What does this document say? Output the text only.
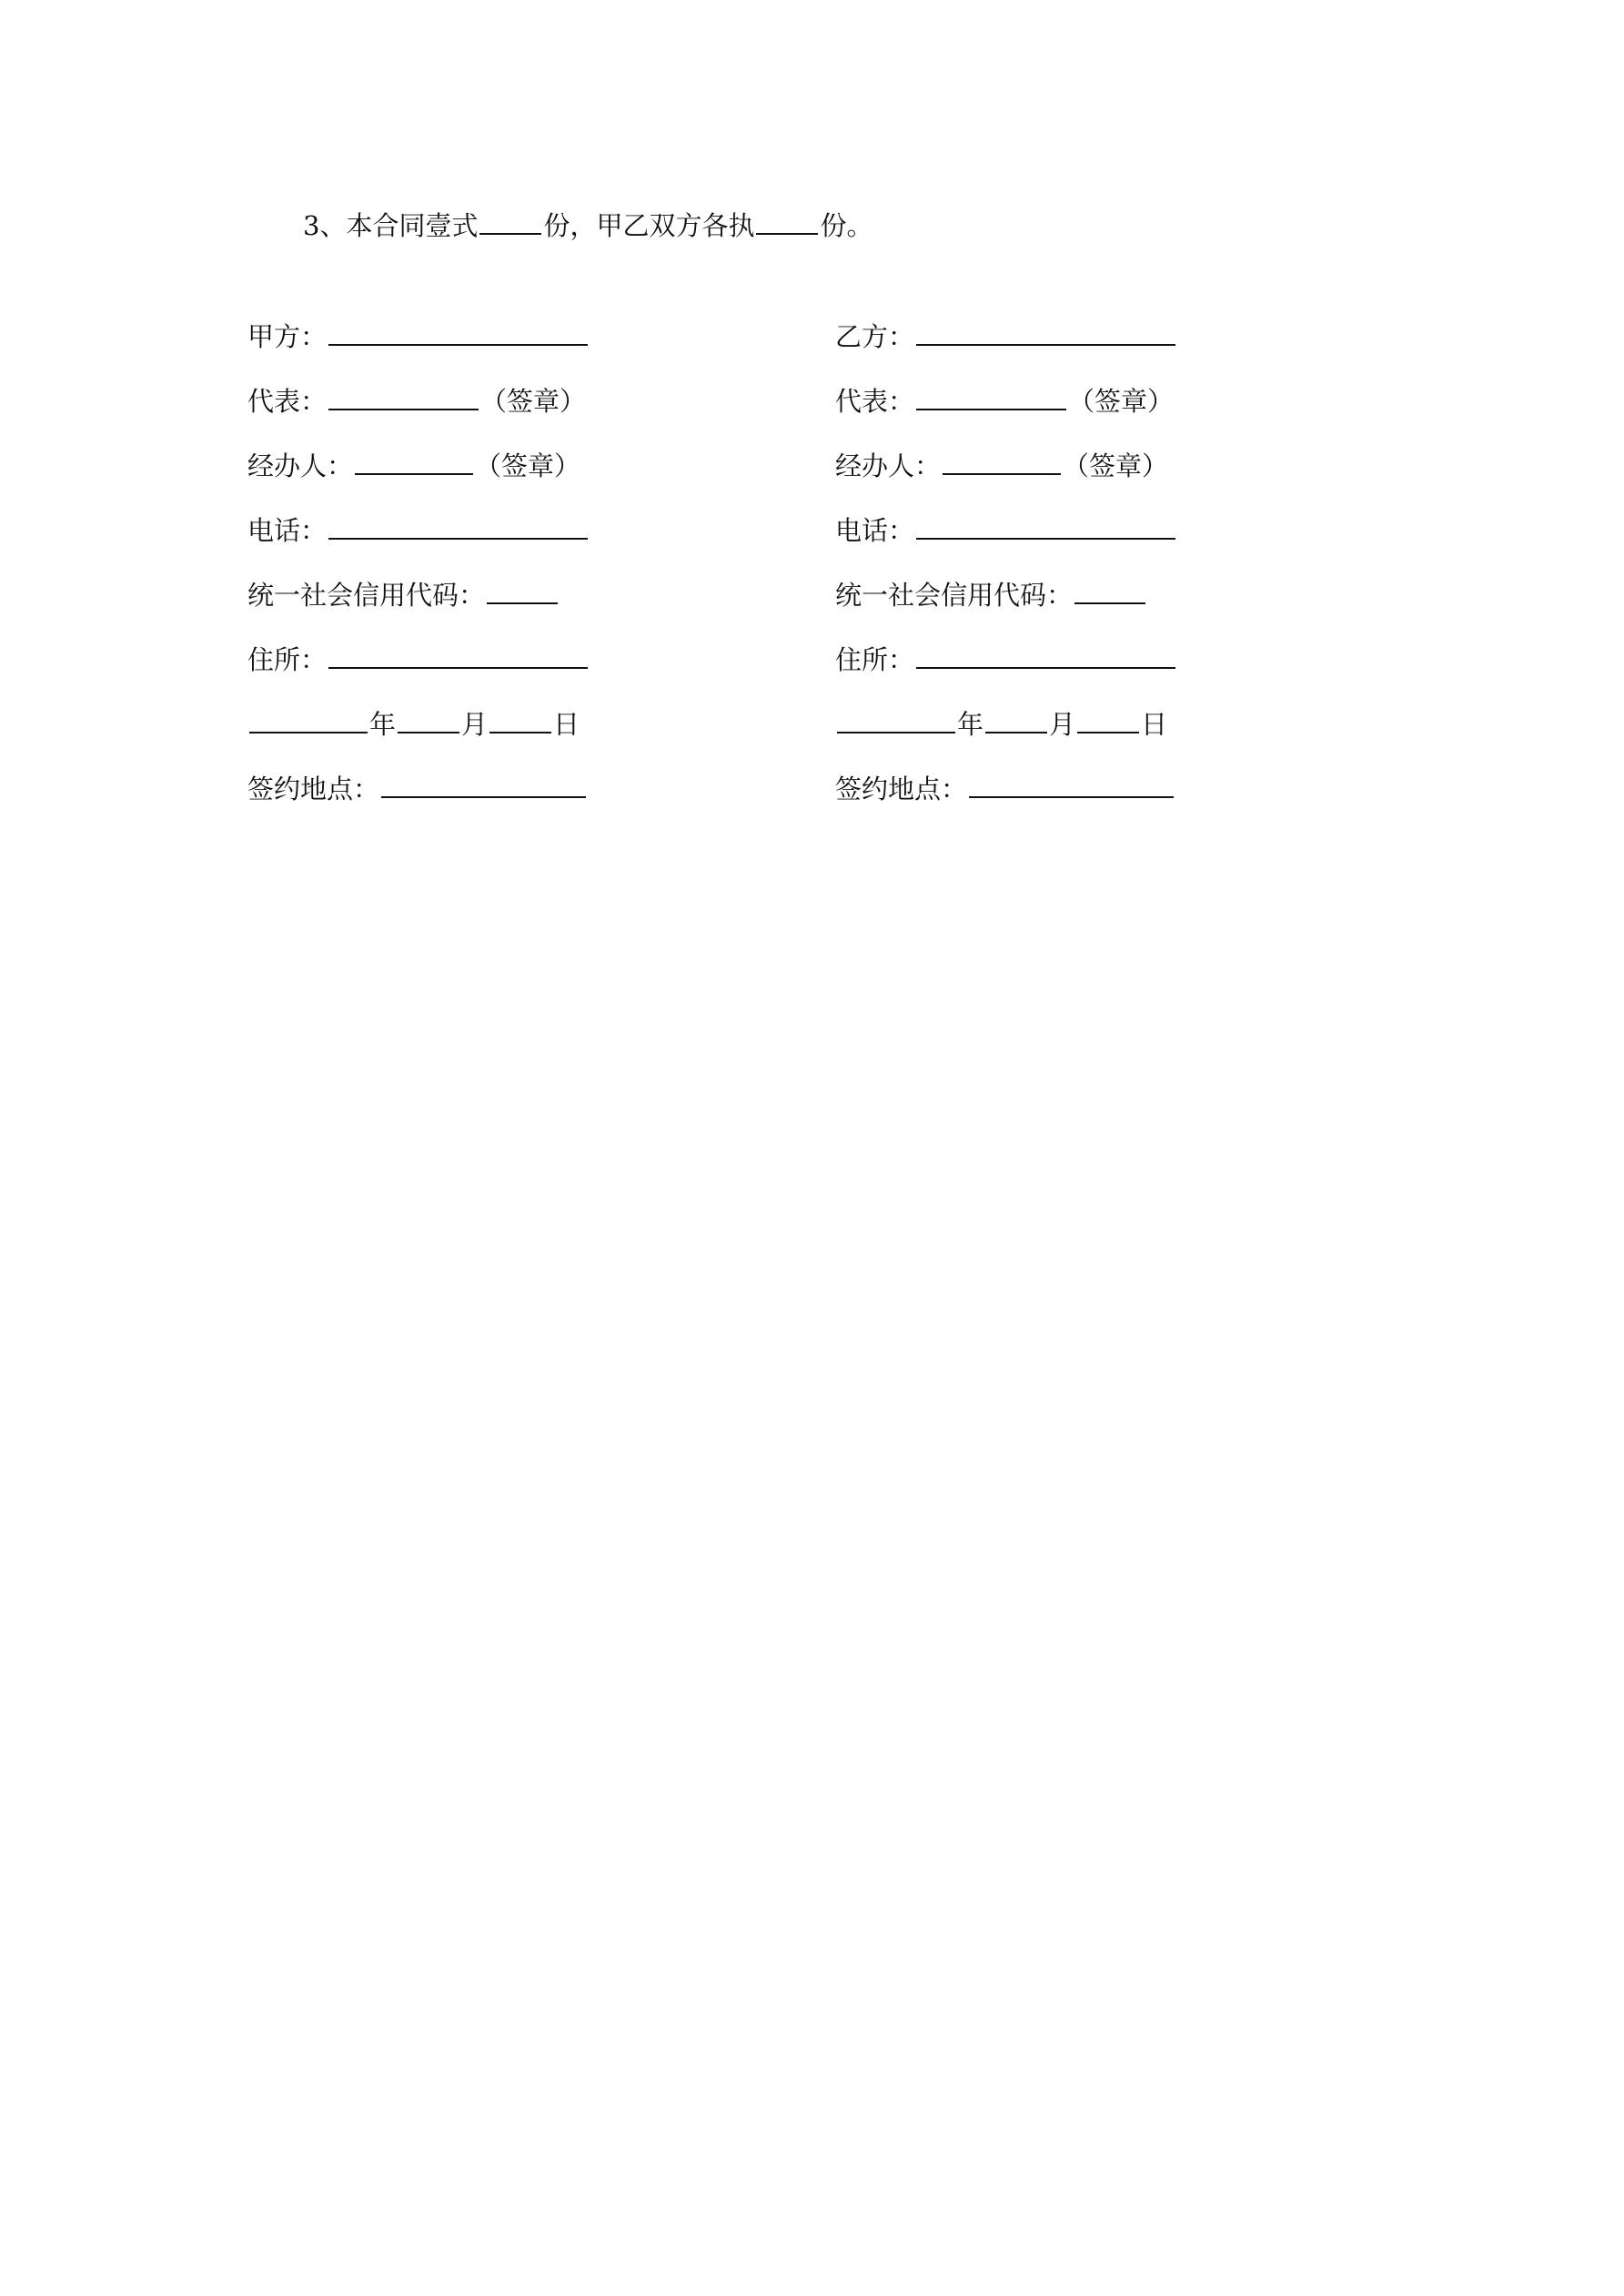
3、本合同壹式 份，甲乙双方各执 份。
甲方：
代表：	（签章）
经办人：	（签章）
电话：
统一社会信用代码：
住所：
年 月 日
签约地点：
乙方：
代表：	（签章）
经办人：	（签章）
电话：
统一社会信用代码：
住所：
年 月 日
签约地点：
